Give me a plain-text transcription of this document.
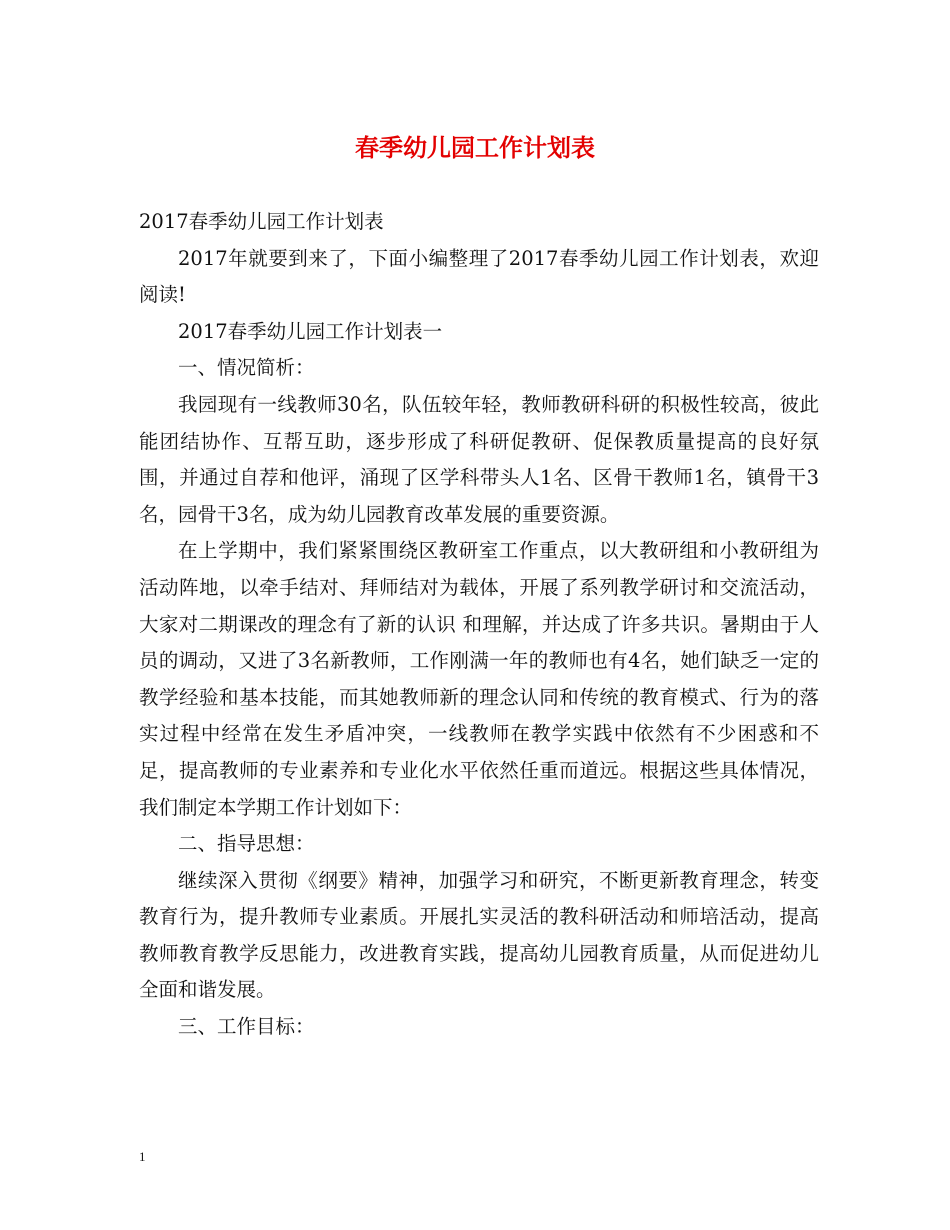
春季幼儿园工作计划表

2017春季幼儿园工作计划表

2017年就要到来了，下面小编整理了2017春季幼儿园工作计划表，欢迎阅读!

2017春季幼儿园工作计划表一

一、情况简析：

我园现有一线教师30名，队伍较年轻，教师教研科研的积极性较高，彼此能团结协作、互帮互助，逐步形成了科研促教研、促保教质量提高的良好氛围，并通过自荐和他评，涌现了区学科带头人1名、区骨干教师1名，镇骨干3名，园骨干3名，成为幼儿园教育改革发展的重要资源。

在上学期中，我们紧紧围绕区教研室工作重点，以大教研组和小教研组为活动阵地，以牵手结对、拜师结对为载体，开展了系列教学研讨和交流活动，大家对二期课改的理念有了新的认识 和理解，并达成了许多共识。暑期由于人员的调动，又进了3名新教师，工作刚满一年的教师也有4名，她们缺乏一定的教学经验和基本技能，而其她教师新的理念认同和传统的教育模式、行为的落实过程中经常在发生矛盾冲突，一线教师在教学实践中依然有不少困惑和不足，提高教师的专业素养和专业化水平依然任重而道远。根据这些具体情况，我们制定本学期工作计划如下：

二、指导思想：

继续深入贯彻《纲要》精神，加强学习和研究，不断更新教育理念，转变教育行为，提升教师专业素质。开展扎实灵活的教科研活动和师培活动，提高教师教育教学反思能力，改进教育实践，提高幼儿园教育质量，从而促进幼儿全面和谐发展。

三、工作目标：

1
